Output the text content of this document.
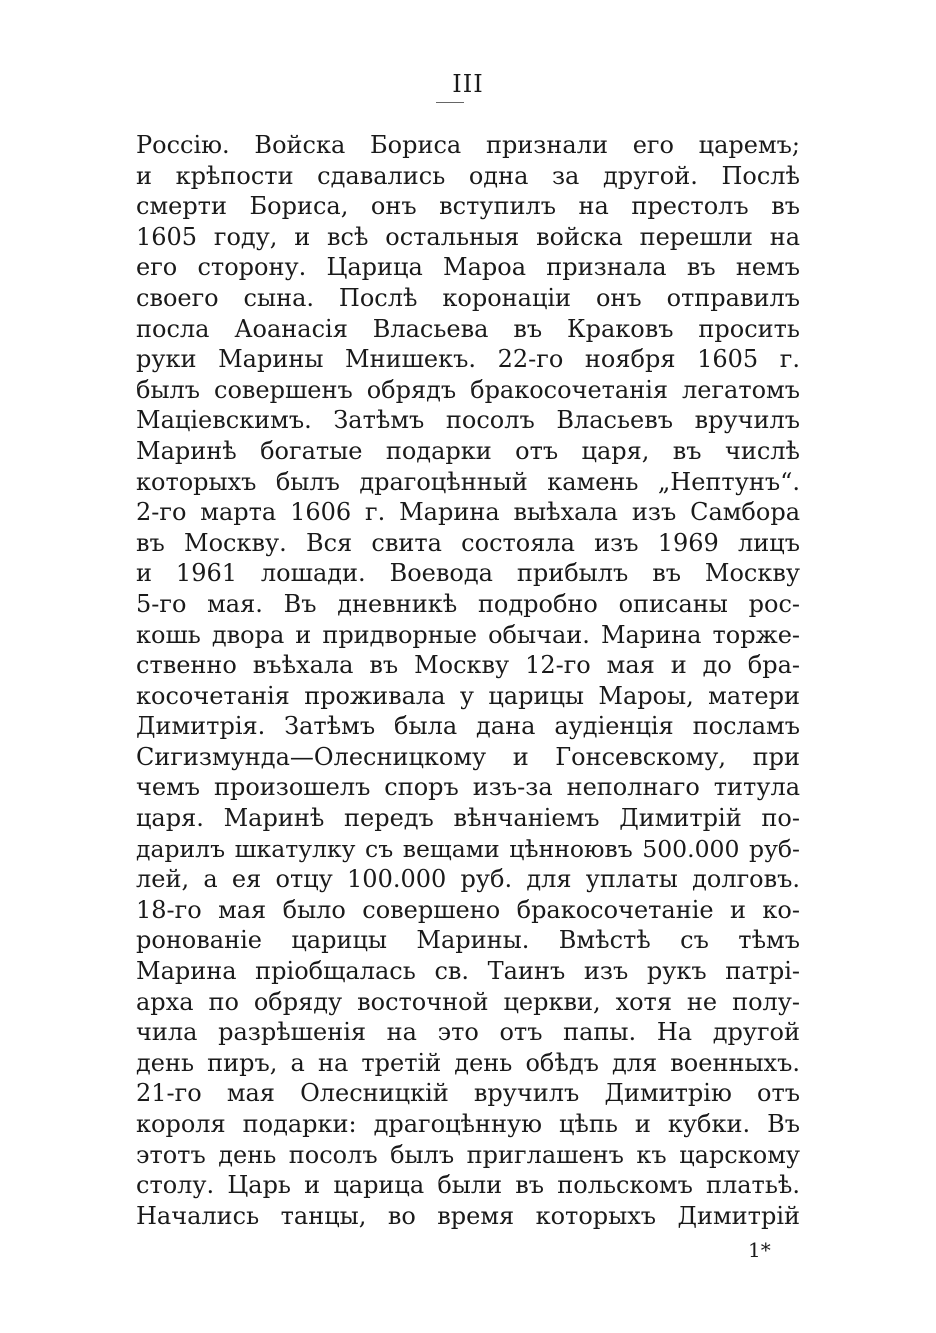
III
Россію. Войска Бориса признали его царемъ;
и крѣпости сдавались одна за другой. Послѣ
смерти Бориса, онъ вступилъ на престолъ въ
1605 году, и всѣ остальныя войска перешли на
его сторону. Царица Мароа признала въ немъ
своего сына. Послѣ коронаціи онъ отправилъ
посла Аоанасія Власьева въ Краковъ просить
руки Марины Мнишекъ. 22-го ноября 1605 г.
былъ совершенъ обрядъ бракосочетанія легатомъ
Маціевскимъ. Затѣмъ посолъ Власьевъ вручилъ
Маринѣ богатые подарки отъ царя, въ числѣ
которыхъ былъ драгоцѣнный камень „Нептунъ“.
2-го марта 1606 г. Марина выѣхала изъ Самбора
въ Москву. Вся свита состояла изъ 1969 лицъ
и 1961 лошади. Воевода прибылъ въ Москву
5-го мая. Въ дневникѣ подробно описаны рос-
кошь двора и придворные обычаи. Марина торже-
ственно въѣхала въ Москву 12-го мая и до бра-
косочетанія проживала у царицы Мароы, матери
Димитрія. Затѣмъ была дана аудіенція посламъ
Сигизмунда—Олесницкому и Гонсевскому, при
чемъ произошелъ споръ изъ-за неполнаго титула
царя. Маринѣ передъ вѣнчаніемъ Димитрій по-
дарилъ шкатулку съ вещами цѣнноювъ 500.000 руб-
лей, а ея отцу 100.000 руб. для уплаты долговъ.
18-го мая было совершено бракосочетаніе и ко-
ронованіе царицы Марины. Вмѣстѣ съ тѣмъ
Марина пріобщалась св. Таинъ изъ рукъ патрі-
арха по обряду восточной церкви, хотя не полу-
чила разрѣшенія на это отъ папы. На другой
день пиръ, а на третій день обѣдъ для военныхъ.
21-го мая Олесницкій вручилъ Димитрію отъ
короля подарки: драгоцѣнную цѣпь и кубки. Въ
этотъ день посолъ былъ приглашенъ къ царскому
столу. Царь и царица были въ польскомъ платьѣ.
Начались танцы, во время которыхъ Димитрій
1*
